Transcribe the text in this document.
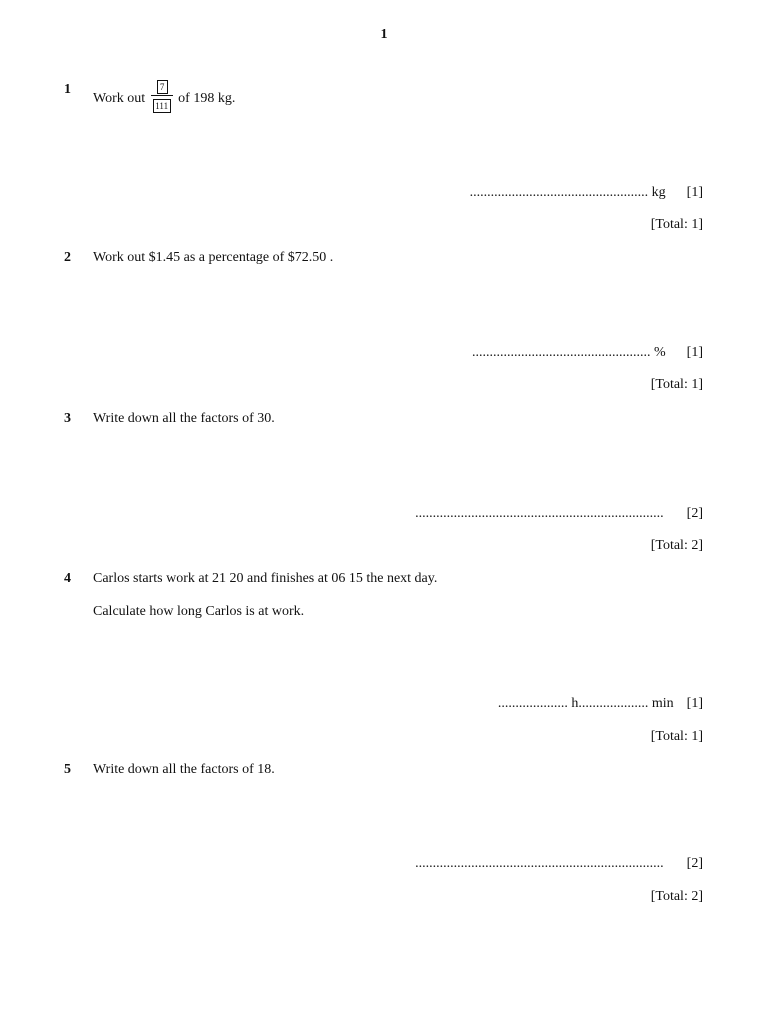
1
1
Work out $\frac{7}{111}$ of 198 kg.
................................................... kg [1]
[Total: 1]
2 Work out $1.45 as a percentage of $72.50 .
................................................... % [1]
[Total: 1]
3 Write down all the factors of 30.
....................................................................... [2]
[Total: 2]
4 Carlos starts work at 21 20 and finishes at 06 15 the next day.
Calculate how long Carlos is at work.
.................... h.................... min [1]
[Total: 1]
5 Write down all the factors of 18.
....................................................................... [2]
[Total: 2]
